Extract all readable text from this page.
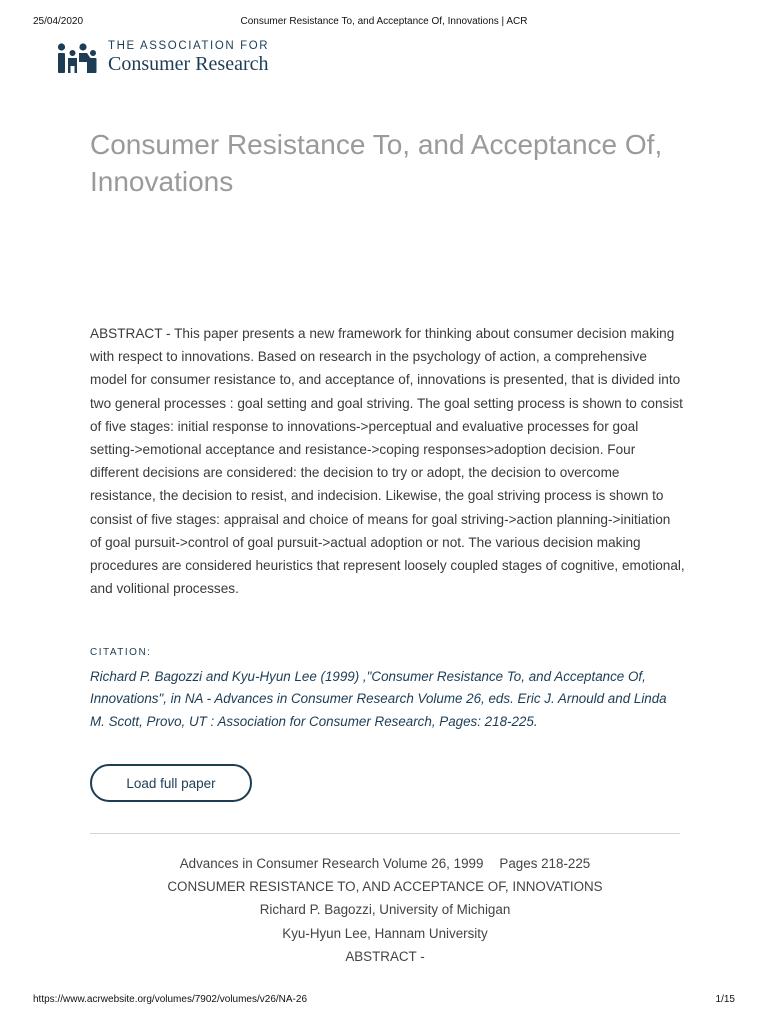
25/04/2020	Consumer Resistance To, and Acceptance Of, Innovations | ACR
THE ASSOCIATION FOR
Consumer Research
Consumer Resistance To, and Acceptance Of, Innovations

ABSTRACT - This paper presents a new framework for thinking about consumer decision making with respect to innovations. Based on research in the psychology of action, a comprehensive model for consumer resistance to, and acceptance of, innovations is presented, that is divided into two general processes : goal setting and goal striving. The goal setting process is shown to consist of five stages: initial response to innovations->perceptual and evaluative processes for goal setting->emotional acceptance and resistance->coping responses>adoption decision. Four different decisions are considered: the decision to try or adopt, the decision to overcome resistance, the decision to resist, and indecision. Likewise, the goal striving process is shown to consist of five stages: appraisal and choice of means for goal striving->action planning->initiation of goal pursuit->control of goal pursuit->actual adoption or not. The various decision making procedures are considered heuristics that represent loosely coupled stages of cognitive, emotional, and volitional processes.

CITATION:

Richard P. Bagozzi and Kyu-Hyun Lee (1999) ,"Consumer Resistance To, and Acceptance Of, Innovations", in NA - Advances in Consumer Research Volume 26, eds. Eric J. Arnould and Linda M. Scott, Provo, UT : Association for Consumer Research, Pages: 218-225.

Load full paper
Advances in Consumer Research Volume 26, 1999 Pages 218-225
CONSUMER RESISTANCE TO, AND ACCEPTANCE OF, INNOVATIONS
Richard P. Bagozzi, University of Michigan
Kyu-Hyun Lee, Hannam University
ABSTRACT -
https://www.acrwebsite.org/volumes/7902/volumes/v26/NA-26	1/15
